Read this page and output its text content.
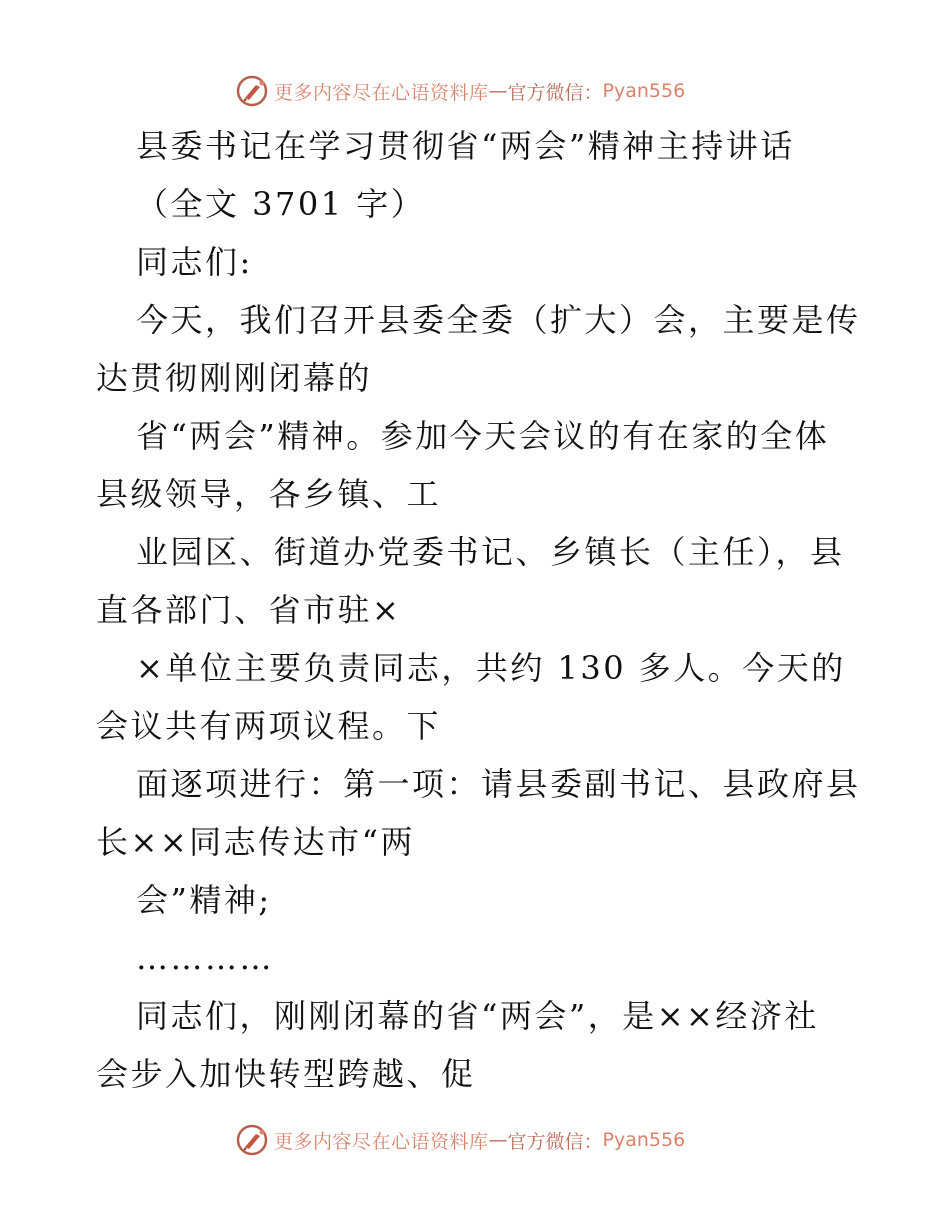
更多内容尽在心语资料库 — 官方微信： Pyan556
县委书记在学习贯彻省“两会”精神主持讲话
（全文 3701 字）
同志们:
今天，我们召开县委全委（扩大）会，主要是传
达贯彻刚刚闭幕的
省“两会”精神。参加今天会议的有在家的全体
县级领导，各乡镇、工
业园区、街道办党委书记、乡镇长（主任），县
直各部门、省市驻×
×单位主要负责同志，共约 130 多人。今天的
会议共有两项议程。下
面逐项进行：第一项：请县委副书记、县政府县
长××同志传达市“两
会”精神;
…………
同志们，刚刚闭幕的省“两会”，是××经济社
会步入加快转型跨越、促
更多内容尽在心语资料库 — 官方微信： Pyan556
